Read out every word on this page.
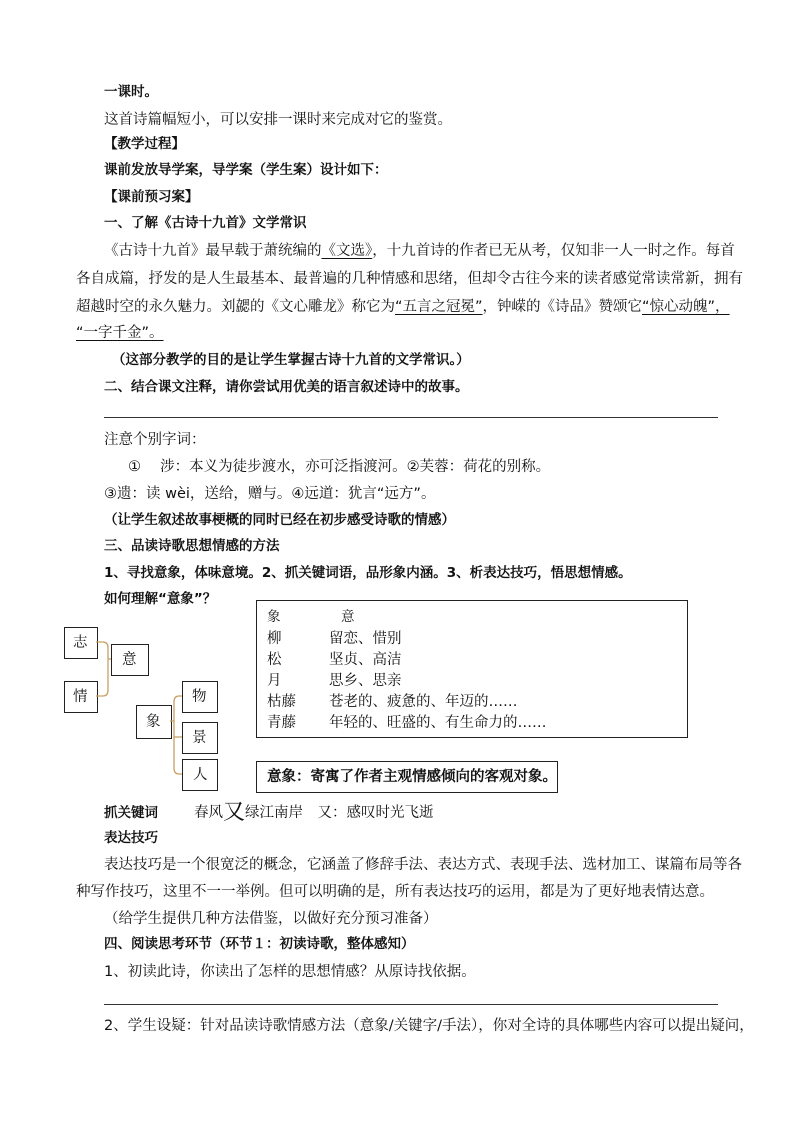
一课时。
这首诗篇幅短小，可以安排一课时来完成对它的鉴赏。
【教学过程】
课前发放导学案，导学案（学生案）设计如下：
【课前预习案】
一、了解《古诗十九首》文学常识
《古诗十九首》最早载于萧统编的《文选》，十九首诗的作者已无从考，仅知非一人一时之作。每首
各自成篇，抒发的是人生最基本、最普遍的几种情感和思绪，但却令古往今来的读者感觉常读常新，拥有
超越时空的永久魅力。刘勰的《文心雕龙》称它为“五言之冠冕”，钟嵘的《诗品》赞颂它“惊心动魄”，
“一字千金”。
（这部分教学的目的是让学生掌握古诗十九首的文学常识。）
二、结合课文注释，请你尝试用优美的语言叙述诗中的故事。
注意个别字词：
①　 涉：本义为徒步渡水，亦可泛指渡河。②芙蓉：荷花的别称。
③遗：读 wèi，送给，赠与。④远道：犹言“远方”。
（让学生叙述故事梗概的同时已经在初步感受诗歌的情感）
三、品读诗歌思想情感的方法
1、寻找意象，体味意境。2、抓关键词语，品形象内涵。3、析表达技巧，悟思想情感。
如何理解“意象”？
志
情
意
象
物
景
人
象	意
柳	留恋、惜别
松	坚贞、高洁
月	思乡、思亲
枯藤 苍老的、疲惫的、年迈的……
青藤 年轻的、旺盛的、有生命力的……
意象：寄寓了作者主观情感倾向的客观对象。
抓关键词 春风又绿江南岸　又：感叹时光飞逝
表达技巧
表达技巧是一个很宽泛的概念，它涵盖了修辞手法、表达方式、表现手法、选材加工、谋篇布局等各
种写作技巧，这里不一一举例。但可以明确的是，所有表达技巧的运用，都是为了更好地表情达意。
（给学生提供几种方法借鉴，以做好充分预习准备）
四、阅读思考环节（环节１：初读诗歌，整体感知）
1、初读此诗，你读出了怎样的思想情感？从原诗找依据。
2、学生设疑：针对品读诗歌情感方法（意象/关键字/手法），你对全诗的具体哪些内容可以提出疑问，
